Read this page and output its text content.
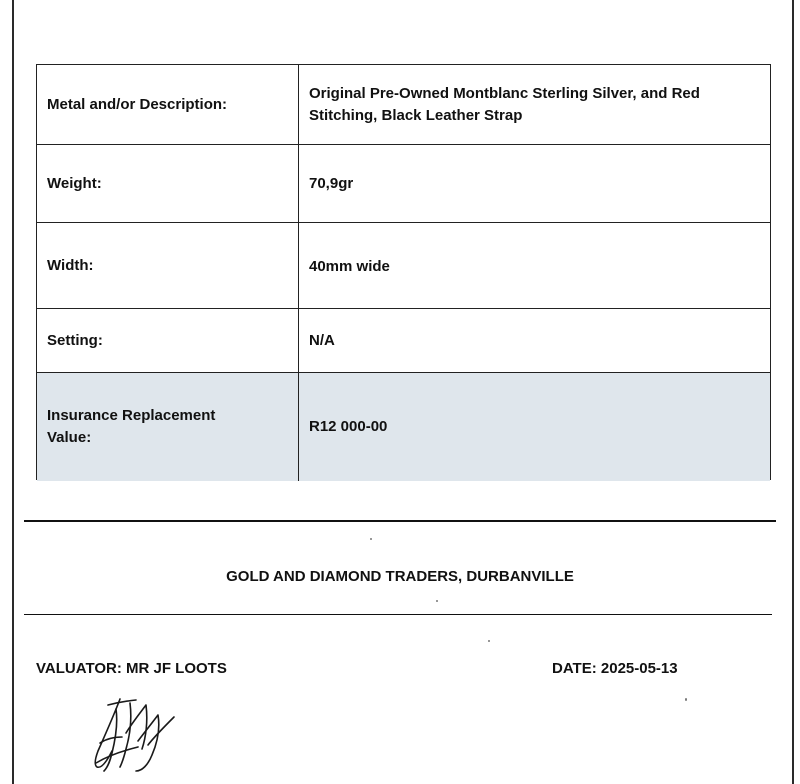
Metal and/or Description:
Original Pre-Owned Montblanc Sterling Silver, and Red Stitching, Black Leather Strap
Weight:	70,9gr
Width:	40mm wide
Setting:	N/A
Insurance Replacement Value:
R12 000-00
GOLD AND DIAMOND TRADERS, DURBANVILLE
VALUATOR: MR JF LOOTS	DATE: 2025-05-13
